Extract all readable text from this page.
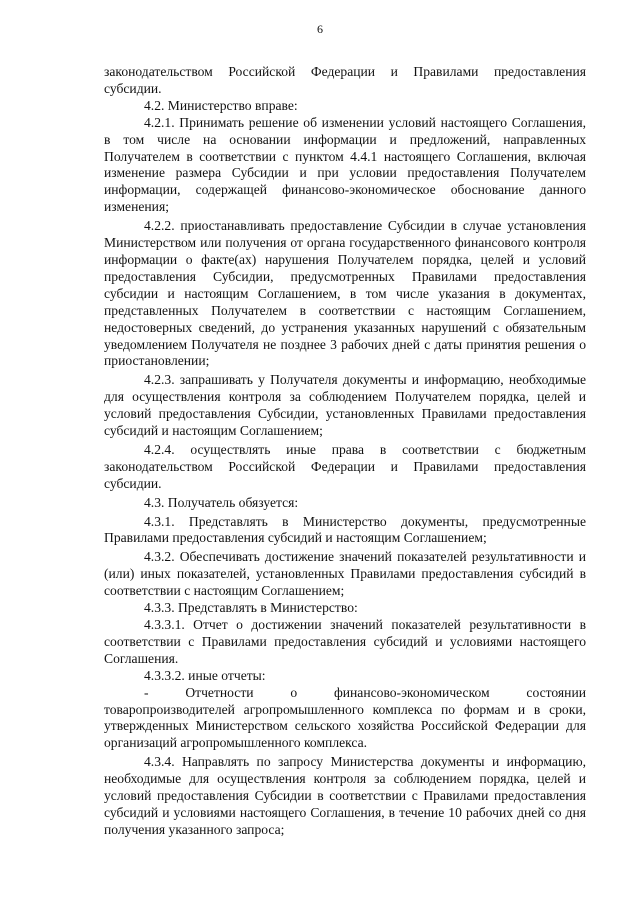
6

законодательством Российской Федерации и Правилами предоставления субсидии.

4.2. Министерство вправе:

4.2.1. Принимать решение об изменении условий настоящего Соглашения, в том числе на основании информации и предложений, направленных Получателем в соответствии с пунктом 4.4.1 настоящего Соглашения, включая изменение размера Субсидии и при условии предоставления Получателем информации, содержащей финансово-экономическое обоснование данного изменения;

4.2.2. приостанавливать предоставление Субсидии в случае установления Министерством или получения от органа государственного финансового контроля информации о факте(ах) нарушения Получателем порядка, целей и условий предоставления Субсидии, предусмотренных Правилами предоставления субсидии и настоящим Соглашением, в том числе указания в документах, представленных Получателем в соответствии с настоящим Соглашением, недостоверных сведений, до устранения указанных нарушений с обязательным уведомлением Получателя не позднее 3 рабочих дней с даты принятия решения о приостановлении;

4.2.3. запрашивать у Получателя документы и информацию, необходимые для осуществления контроля за соблюдением Получателем порядка, целей и условий предоставления Субсидии, установленных Правилами предоставления субсидий и настоящим Соглашением;

4.2.4. осуществлять иные права в соответствии с бюджетным законодательством Российской Федерации и Правилами предоставления субсидии.

4.3. Получатель обязуется:

4.3.1. Представлять в Министерство документы, предусмотренные Правилами предоставления субсидий и настоящим Соглашением;

4.3.2. Обеспечивать достижение значений показателей результативности и (или) иных показателей, установленных Правилами предоставления субсидий в соответствии с настоящим Соглашением;

4.3.3. Представлять в Министерство:

4.3.3.1. Отчет о достижении значений показателей результативности в соответствии с Правилами предоставления субсидий и условиями настоящего Соглашения.

4.3.3.2. иные отчеты:

- Отчетности о финансово-экономическом состоянии товаропроизводителей агропромышленного комплекса по формам и в сроки, утвержденных Министерством сельского хозяйства Российской Федерации для организаций агропромышленного комплекса.

4.3.4. Направлять по запросу Министерства документы и информацию, необходимые для осуществления контроля за соблюдением порядка, целей и условий предоставления Субсидии в соответствии с Правилами предоставления субсидий и условиями настоящего Соглашения, в течение 10 рабочих дней со дня получения указанного запроса;
